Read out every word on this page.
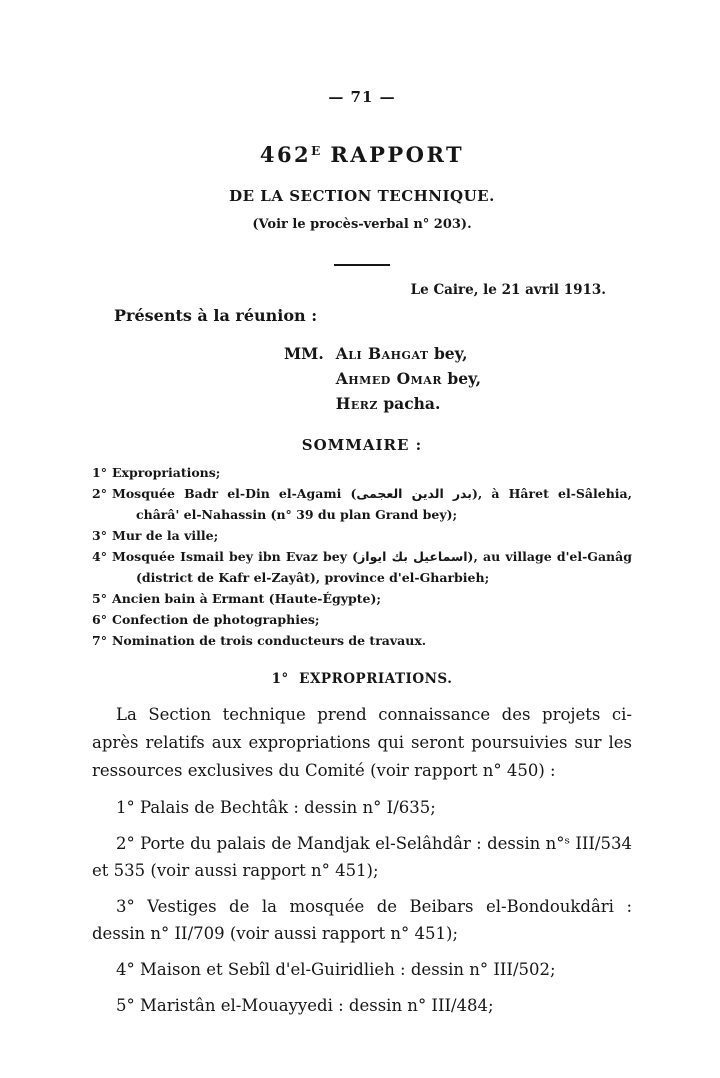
— 71 —
$462^E$ RAPPORT
DE LA SECTION TECHNIQUE.
(Voir le procès-verbal n° 203).
Le Caire, le 21 avril 1913.
Présents à la réunion :
MM. Ali Bahgat bey,
Ahmed Omar bey,
Herz pacha.
SOMMAIRE :
1° Expropriations;
2° Mosquée Badr el-Din el-Agami (بدر الدين العجمى), à Hâret el-Sâlehia, chârâ' el-Nahassin (n° 39 du plan Grand bey);
3° Mur de la ville;
4° Mosquée Ismail bey ibn Evaz bey (اسماعيل بك ايواز), au village d'el-Ganâg (district de Kafr el-Zayât), province d'el-Gharbieh;
5° Ancien bain à Ermant (Haute-Égypte);
6° Confection de photographies;
7° Nomination de trois conducteurs de travaux.
1° EXPROPRIATIONS.
La Section technique prend connaissance des projets ci-après relatifs aux expropriations qui seront poursuivies sur les ressources exclusives du Comité (voir rapport n° 450) :
1° Palais de Bechtâk : dessin n° I/635;
2° Porte du palais de Mandjak el-Selâhdâr : dessin n°ˢ III/534 et 535 (voir aussi rapport n° 451);
3° Vestiges de la mosquée de Beibars el-Bondoukdâri : dessin n° II/709 (voir aussi rapport n° 451);
4° Maison et Sebîl d'el-Guiridlieh : dessin n° III/502;
5° Maristân el-Mouayyedi : dessin n° III/484;
